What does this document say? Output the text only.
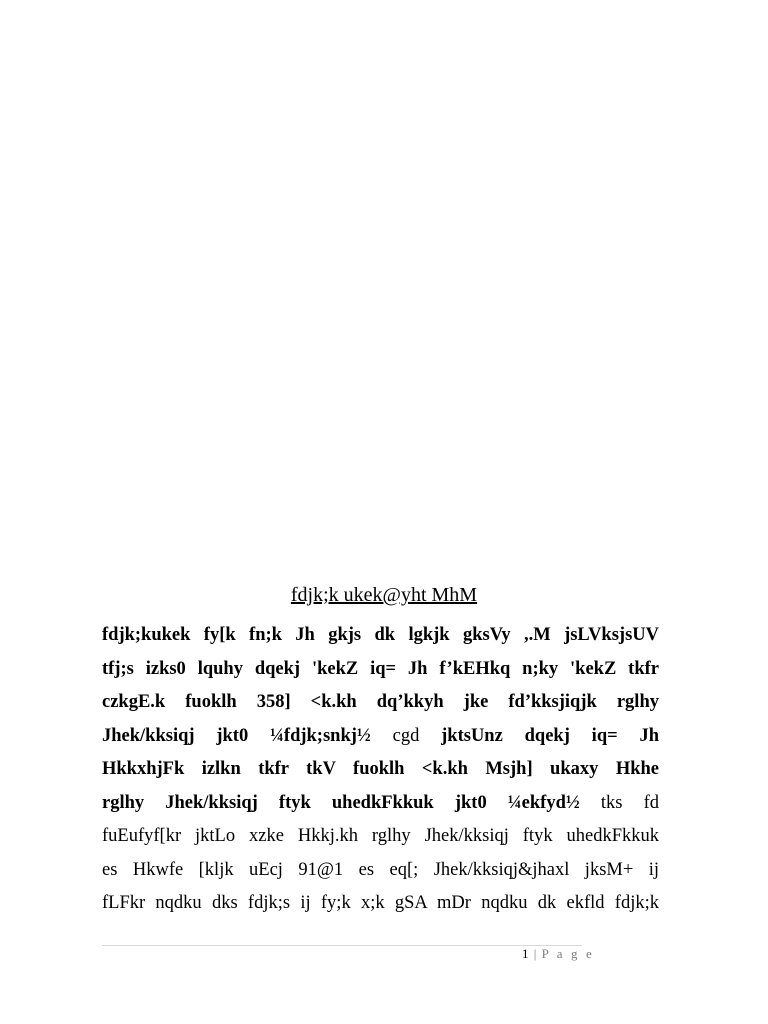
fdjk;k ukek@yht MhM
fdjk;kukek fy[k fn;k Jh gkjs dk lgkjk gksVy ,.M jsLVksjsUV
tfj;s izks0 lquhy dqekj 'kekZ iq= Jh f’kEHkq n;ky 'kekZ tkfr
czkgE.k fuoklh 358] <k.kh dq’kkyh jke fd’kksjiqjk rglhy
Jhek/kksiqj jkt0 ¼fdjk;snkj½ cgd jktsUnz dqekj iq= Jh
HkkxhjFk izlkn tkfr tkV fuoklh <k.kh Msjh] ukaxy Hkhe
rglhy Jhek/kksiqj ftyk uhedkFkkuk jkt0 ¼ekfyd½ tks fd
fuEufyf[kr jktLo xzke Hkkj.kh rglhy Jhek/kksiqj ftyk uhedkFkkuk
es Hkwfe [kljk uEcj 91@1 es eq[; Jhek/kksiqj&jhaxl jksM+ ij
fLFkr nqdku dks fdjk;s ij fy;k x;k gSA mDr nqdku dk ekfld fdjk;k
1 | P a g e
